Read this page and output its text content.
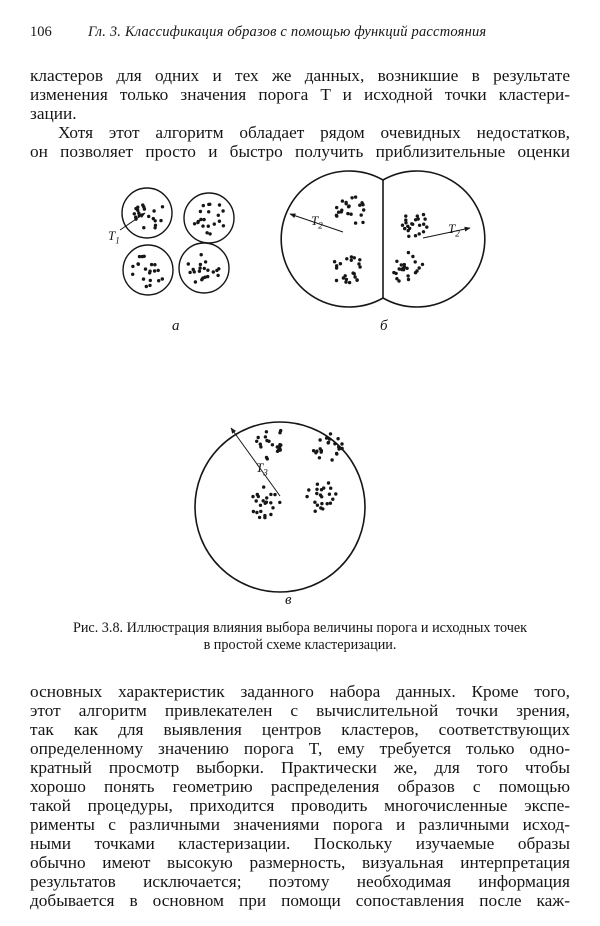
106	Гл. 3. Классификация образов с помощью функций расстояния
кластеров для одних и тех же данных, возникшие в результате
изменения только значения порога T и исходной точки кластери-
зации.
Хотя этот алгоритм обладает рядом очевидных недостатков,
он позволяет просто и быстро получить приблизительные оценки
$T_1$
$T_2$	$T_2$
$T_3$
а	б
в
Рис. 3.8. Иллюстрация влияния выбора величины порога и исходных точек
в простой схеме кластеризации.
основных характеристик заданного набора данных. Кроме того,
этот алгоритм привлекателен с вычислительной точки зрения,
так как для выявления центров кластеров, соответствующих
определенному значению порога T, ему требуется только одно-
кратный просмотр выборки. Практически же, для того чтобы
хорошо понять геометрию распределения образов с помощью
такой процедуры, приходится проводить многочисленные экспе-
рименты с различными значениями порога и различными исход-
ными точками кластеризации. Поскольку изучаемые образы
обычно имеют высокую размерность, визуальная интерпретация
результатов исключается; поэтому необходимая информация
добывается в основном при помощи сопоставления после каж-
